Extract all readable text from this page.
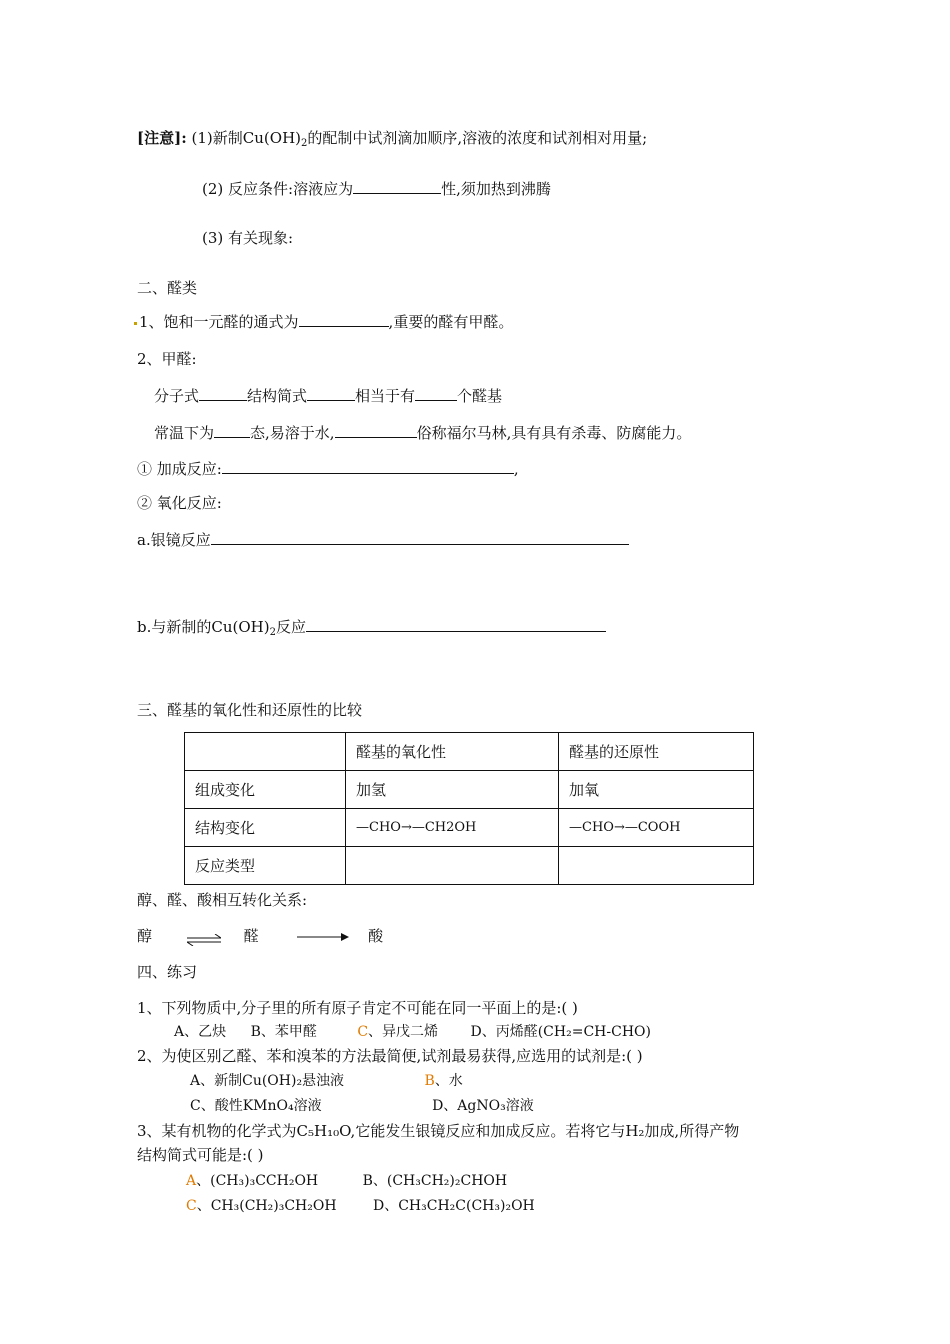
[注意]: (1)新制$Cu(OH)_2$的配制中试剂滴加顺序,溶液的浓度和试剂相对用量;
(2) 反应条件:溶液应为	性,须加热到沸腾
(3) 有关现象:
二、醛类
1、饱和一元醛的通式为	,重要的醛有甲醛。
2、甲醛:
分子式	结构简式	相当于有	个醛基
常温下为 态,易溶于水,	俗称福尔马林,具有具有杀毒、防腐能力。
① 加成反应:	,
② 氧化反应:
a.银镜反应
b.与新制的$Cu(OH)_2$反应
三、醛基的氧化性和还原性的比较
	醛基的氧化性	醛基的还原性
组成变化	加氢	加氧
结构变化	—CHO→—CH2OH	—CHO→—COOH
反应类型		
醇、醛、酸相互转化关系:
醇	醛	酸
四、练习
1、下列物质中,分子里的所有原子肯定不可能在同一平面上的是:( )
A、乙炔 B、苯甲醛	C、异戊二烯 D、丙烯醛(CH₂=CH-CHO)
2、为使区别乙醛、苯和溴苯的方法最简便,试剂最易获得,应选用的试剂是:( )
A、新制Cu(OH)₂悬浊液	B、水
C、酸性KMnO₄溶液	D、AgNO₃溶液
3、某有机物的化学式为C₅H₁₀O,它能发生银镜反应和加成反应。若将它与H₂加成,所得产物
结构简式可能是:( )
A、(CH₃)₃CCH₂OH	B、(CH₃CH₂)₂CHOH
C、CH₃(CH₂)₃CH₂OH	D、CH₃CH₂C(CH₃)₂OH
